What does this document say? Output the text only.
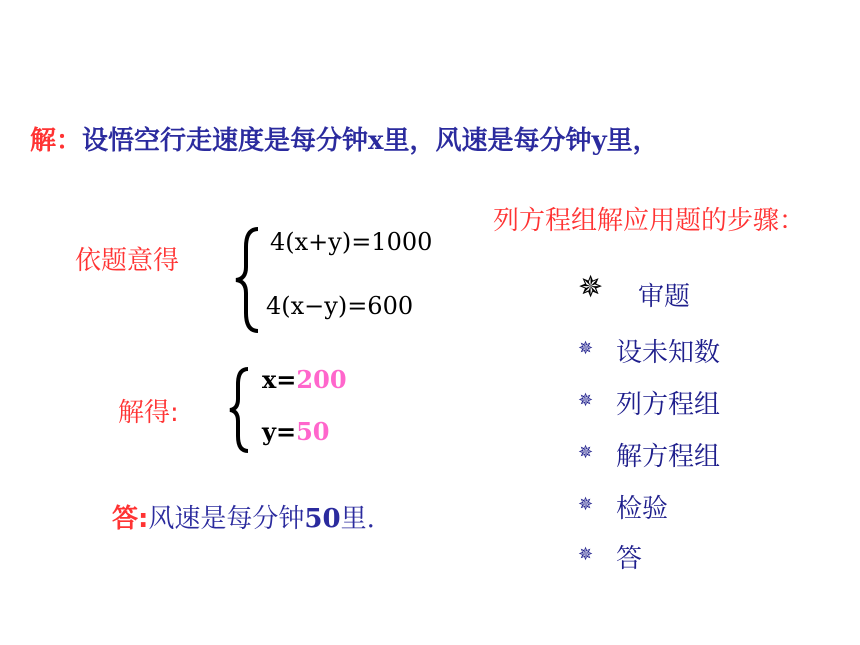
解：设悟空行走速度是每分钟x里，风速是每分钟y里，
列方程组解应用题的步骤：
依题意得
4(x+y)=1000
4(x−y)=600
解得:
x=200
y=50
答:风速是每分钟50里.
✵ 审题
✵ 设未知数
✵ 列方程组
✵ 解方程组
✵ 检验
✵ 答
